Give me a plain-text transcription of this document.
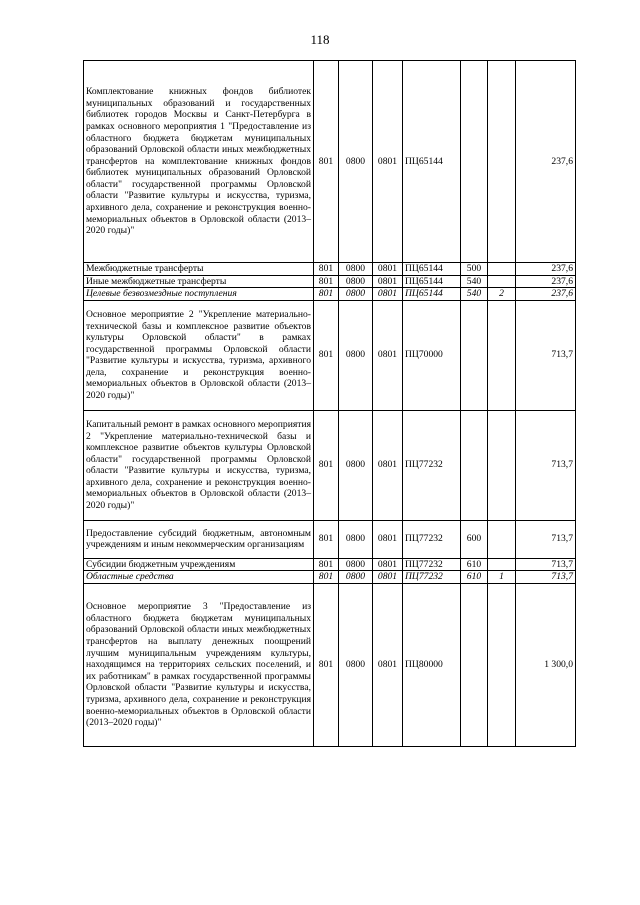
118
Комплектование книжных фондов библиотек муниципальных образований и государственных библиотек городов Москвы и Санкт-Петербурга в рамках основного мероприятия 1 "Предоставление из областного бюджета бюджетам муниципальных образований Орловской области иных межбюджетных трансфертов на комплектование книжных фондов библиотек муниципальных образований Орловской области" государственной программы Орловской области "Развитие культуры и искусства, туризма, архивного дела, сохранение и реконструкция военно-мемориальных объектов в Орловской области (2013–2020 годы)"	801	0800	0801	ПЦ65144			237,6
Межбюджетные трансферты	801	0800	0801	ПЦ65144	500		237,6
Иные межбюджетные трансферты	801	0800	0801	ПЦ65144	540		237,6
Целевые безвозмездные поступления	801	0800	0801	ПЦ65144	540	2	237,6
Основное мероприятие 2 "Укрепление материально-технической базы и комплексное развитие объектов культуры Орловской области" в рамках государственной программы Орловской области "Развитие культуры и искусства, туризма, архивного дела, сохранение и реконструкция военно-мемориальных объектов в Орловской области (2013–2020 годы)"	801	0800	0801	ПЦ70000			713,7
Капитальный ремонт в рамках основного мероприятия 2 "Укрепление материально-технической базы и комплексное развитие объектов культуры Орловской области" государственной программы Орловской области "Развитие культуры и искусства, туризма, архивного дела, сохранение и реконструкция военно-мемориальных объектов в Орловской области (2013–2020 годы)"	801	0800	0801	ПЦ77232			713,7
Предоставление субсидий бюджетным, автономным учреждениям и иным некоммерческим организациям	801	0800	0801	ПЦ77232	600		713,7
Субсидии бюджетным учреждениям	801	0800	0801	ПЦ77232	610		713,7
Областные средства	801	0800	0801	ПЦ77232	610	1	713,7
Основное мероприятие 3 "Предоставление из областного бюджета бюджетам муниципальных образований Орловской области иных межбюджетных трансфертов на выплату денежных поощрений лучшим муниципальным учреждениям культуры, находящимся на территориях сельских поселений, и их работникам" в рамках государственной программы Орловской области "Развитие культуры и искусства, туризма, архивного дела, сохранение и реконструкция военно-мемориальных объектов в Орловской области (2013–2020 годы)"	801	0800	0801	ПЦ80000			1 300,0
